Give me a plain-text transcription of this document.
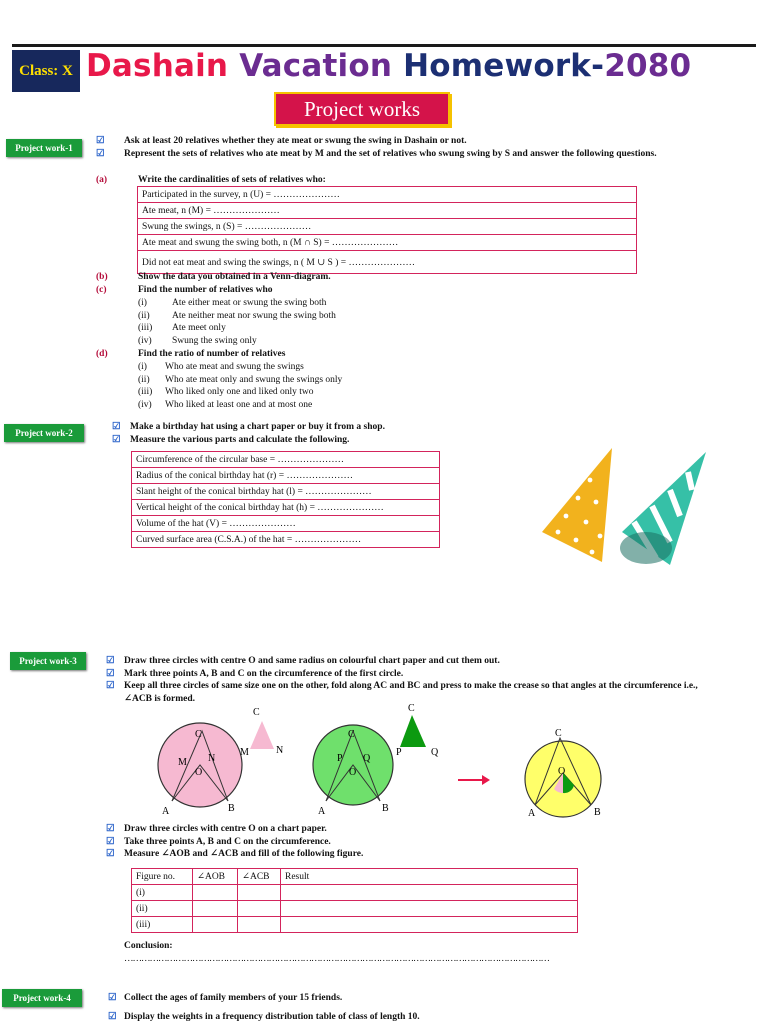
Class: X Dashain Vacation Homework-2080
Project works
Project work-1
☑	Ask at least 20 relatives whether they ate meat or swung the swing in Dashain or not.
☑	Represent the sets of relatives who ate meat by M and the set of relatives who swung swing by S and answer the following questions.
(a)	Write the cardinalities of sets of relatives who:
Participated in the survey, n (U) = …………………
Ate meat, n (M) = …………………
Swung the swings, n (S) = …………………
Ate meat and swung the swing both, n (M ∩ S) = …………………
Did not eat meat and swing the swings, n ( M ∪ S ) = …………………
(b)	Show the data you obtained in a Venn-diagram.
(c)	Find the number of relatives who
(i)	Ate either meat or swung the swing both
(ii)	Ate neither meat nor swung the swing both
(iii)	Ate meet only
(iv)	Swung the swing only
(d)	Find the ratio of number of relatives
(i)	Who ate meat and swung the swings
(ii)	Who ate meat only and swung the swings only
(iii)	Who liked only one and liked only two
(iv)	Who liked at least one and at most one
Project work-2
☑ Make a birthday hat using a chart paper or buy it from a shop.
☑ Measure the various parts and calculate the following.
Circumference of the circular base = …………………
Radius of the conical birthday hat (r) = …………………
Slant height of the conical birthday hat (l) = …………………
Vertical height of the conical birthday hat (h) = …………………
Volume of the hat (V) = …………………
Curved surface area (C.S.A.) of the hat = …………………
Project work-3	☑ Draw three circles with centre O and same radius on colourful chart paper and cut them out.
☑ Mark three points A, B and C on the circumference of the first circle.
☑ Keep all three circles of same size one on the other, fold along AC and BC and press to make the crease so that angles at the circumference i.e., ∠ACB is formed.
C
M N
O
A	B
C
M	N
C
P Q
O
A	B
C
P	Q
C
O
A	B
☑ Draw three circles with centre O on a chart paper.
☑ Take three points A, B and C on the circumference.
☑ Measure ∠AOB and ∠ACB and fill of the following figure.
Figure no.	∠AOB	∠ACB	Result
(i)			
(ii)			
(iii)			
Conclusion:
……………………………………………………………………………………………………………………………………
Project work-4	☑ Collect the ages of family members of your 15 friends.
☑ Display the weights in a frequency distribution table of class of length 10.
